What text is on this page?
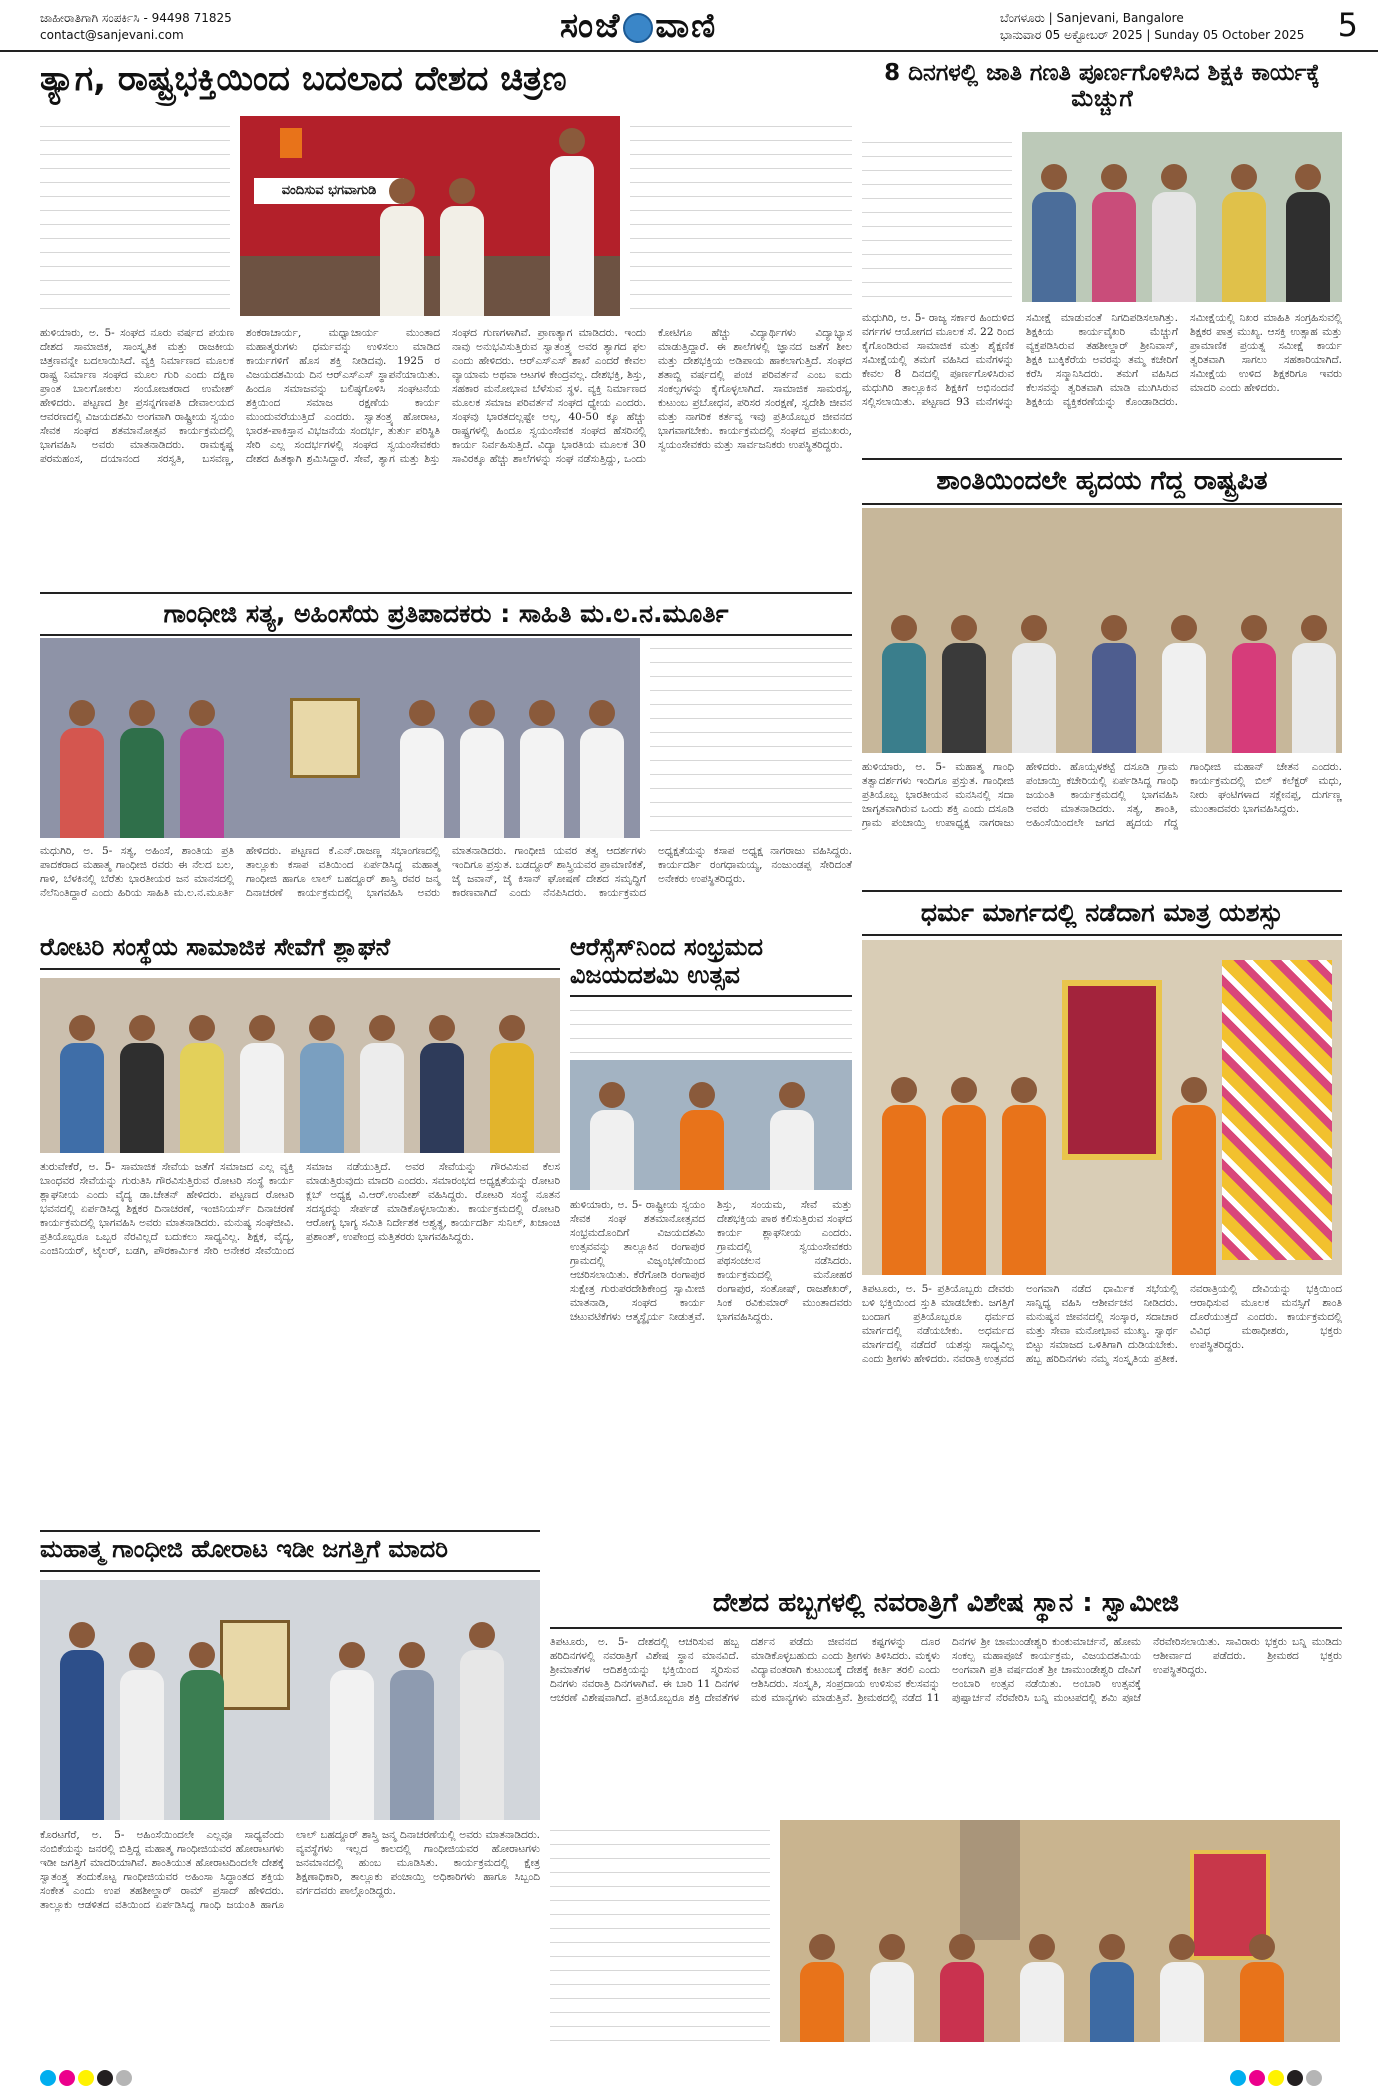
ಜಾಹೀರಾತಿಗಾಗಿ ಸಂಪರ್ಕಿಸಿ - 94498 71825
contact@sanjevani.com	ಸಂಜೆ ವಾಣಿ	ಬೆಂಗಳೂರು | Sanjevani, Bangalore
ಭಾನುವಾರ 05 ಅಕ್ಟೋಬರ್ 2025 | Sunday 05 October 2025 5
ತ್ಯಾಗ, ರಾಷ್ಟ್ರಭಕ್ತಿಯಿಂದ ಬದಲಾದ ದೇಶದ ಚಿತ್ರಣ
ವಂದಿಸುವ ಭಗವಾಗುಡಿ
ಹುಳಿಯಾರು, ಅ. 5- ಸಂಘದ ನೂರು ವರ್ಷದ ಪಯಣ ದೇಶದ ಸಾಮಾಜಿಕ, ಸಾಂಸ್ಕೃತಿಕ ಮತ್ತು ರಾಜಕೀಯ ಚಿತ್ರಣವನ್ನೇ ಬದಲಾಯಿಸಿದೆ. ವ್ಯಕ್ತಿ ನಿರ್ಮಾಣದ ಮೂಲಕ ರಾಷ್ಟ್ರ ನಿರ್ಮಾಣ ಸಂಘದ ಮೂಲ ಗುರಿ ಎಂದು ದಕ್ಷಿಣ ಪ್ರಾಂತ ಬಾಲಗೋಕುಲ ಸಂಯೋಜಕರಾದ ಉಮೇಶ್ ಹೇಳಿದರು. ಪಟ್ಟಣದ ಶ್ರೀ ಪ್ರಸನ್ನಗಣಪತಿ ದೇವಾಲಯದ ಆವರಣದಲ್ಲಿ ವಿಜಯದಶಮಿ ಅಂಗವಾಗಿ ರಾಷ್ಟ್ರೀಯ ಸ್ವಯಂ ಸೇವಕ ಸಂಘದ ಶತಮಾನೋತ್ಸವ ಕಾರ್ಯಕ್ರಮದಲ್ಲಿ ಭಾಗವಹಿಸಿ ಅವರು ಮಾತನಾಡಿದರು. ರಾಮಕೃಷ್ಣ ಪರಮಹಂಸ, ದಯಾನಂದ ಸರಸ್ವತಿ, ಬಸವಣ್ಣ, ಶಂಕರಾಚಾರ್ಯ, ಮಧ್ವಾಚಾರ್ಯ ಮುಂತಾದ ಮಹಾತ್ಮರುಗಳು ಧರ್ಮವನ್ನು ಉಳಿಸಲು ಮಾಡಿದ ಕಾರ್ಯಗಳಿಗೆ ಹೊಸ ಶಕ್ತಿ ನೀಡಿದವು. 1925 ರ ವಿಜಯದಶಮಿಯ ದಿನ ಆರ್‌ಎಸ್‌ಎಸ್ ಸ್ಥಾಪನೆಯಾಯಿತು. ಹಿಂದೂ ಸಮಾಜವನ್ನು ಬಲಿಷ್ಠಗೊಳಿಸಿ ಸಂಘಟನೆಯ ಶಕ್ತಿಯಿಂದ ಸಮಾಜ ರಕ್ಷಣೆಯ ಕಾರ್ಯ ಮುಂದುವರೆಯುತ್ತಿದೆ ಎಂದರು. ಸ್ವಾತಂತ್ರ್ಯ ಹೋರಾಟ, ಭಾರತ-ಪಾಕಿಸ್ತಾನ ವಿಭಜನೆಯ ಸಂದರ್ಭ, ತುರ್ತು ಪರಿಸ್ಥಿತಿ ಸೇರಿ ಎಲ್ಲ ಸಂದರ್ಭಗಳಲ್ಲಿ ಸಂಘದ ಸ್ವಯಂಸೇವಕರು ದೇಶದ ಹಿತಕ್ಕಾಗಿ ಶ್ರಮಿಸಿದ್ದಾರೆ. ಸೇವೆ, ತ್ಯಾಗ ಮತ್ತು ಶಿಸ್ತು ಸಂಘದ ಗುಣಗಳಾಗಿವೆ. ಪ್ರಾಣತ್ಯಾಗ ಮಾಡಿದರು. ಇಂದು ನಾವು ಅನುಭವಿಸುತ್ತಿರುವ ಸ್ವಾತಂತ್ರ್ಯ ಅವರ ತ್ಯಾಗದ ಫಲ ಎಂದು ಹೇಳಿದರು. ಆರ್‌ಎಸ್‌ಎಸ್ ಶಾಖೆ ಎಂದರೆ ಕೇವಲ ವ್ಯಾಯಾಮ ಅಥವಾ ಆಟಗಳ ಕೇಂದ್ರವಲ್ಲ. ದೇಶಭಕ್ತಿ, ಶಿಸ್ತು, ಸಹಕಾರ ಮನೋಭಾವ ಬೆಳೆಸುವ ಸ್ಥಳ. ವ್ಯಕ್ತಿ ನಿರ್ಮಾಣದ ಮೂಲಕ ಸಮಾಜ ಪರಿವರ್ತನೆ ಸಂಘದ ಧ್ಯೇಯ ಎಂದರು. ಸಂಘವು ಭಾರತದಲ್ಲಷ್ಟೇ ಅಲ್ಲ, 40-50 ಕ್ಕೂ ಹೆಚ್ಚು ರಾಷ್ಟ್ರಗಳಲ್ಲಿ ಹಿಂದೂ ಸ್ವಯಂಸೇವಕ ಸಂಘದ ಹೆಸರಿನಲ್ಲಿ ಕಾರ್ಯ ನಿರ್ವಹಿಸುತ್ತಿದೆ. ವಿದ್ಯಾ ಭಾರತಿಯ ಮೂಲಕ 30 ಸಾವಿರಕ್ಕೂ ಹೆಚ್ಚು ಶಾಲೆಗಳನ್ನು ಸಂಘ ನಡೆಸುತ್ತಿದ್ದು, ಒಂದು ಕೋಟಿಗೂ ಹೆಚ್ಚು ವಿದ್ಯಾರ್ಥಿಗಳು ವಿದ್ಯಾಭ್ಯಾಸ ಮಾಡುತ್ತಿದ್ದಾರೆ. ಈ ಶಾಲೆಗಳಲ್ಲಿ ಜ್ಞಾನದ ಜತೆಗೆ ಶೀಲ ಮತ್ತು ದೇಶಭಕ್ತಿಯ ಅಡಿಪಾಯ ಹಾಕಲಾಗುತ್ತಿದೆ. ಸಂಘದ ಶತಾಬ್ದಿ ವರ್ಷದಲ್ಲಿ ಪಂಚ ಪರಿವರ್ತನೆ ಎಂಬ ಐದು ಸಂಕಲ್ಪಗಳನ್ನು ಕೈಗೊಳ್ಳಲಾಗಿದೆ. ಸಾಮಾಜಿಕ ಸಾಮರಸ್ಯ, ಕುಟುಂಬ ಪ್ರಬೋಧನ, ಪರಿಸರ ಸಂರಕ್ಷಣೆ, ಸ್ವದೇಶಿ ಜೀವನ ಮತ್ತು ನಾಗರಿಕ ಕರ್ತವ್ಯ ಇವು ಪ್ರತಿಯೊಬ್ಬರ ಜೀವನದ ಭಾಗವಾಗಬೇಕು. ಕಾರ್ಯಕ್ರಮದಲ್ಲಿ ಸಂಘದ ಪ್ರಮುಖರು, ಸ್ವಯಂಸೇವಕರು ಮತ್ತು ಸಾರ್ವಜನಿಕರು ಉಪಸ್ಥಿತರಿದ್ದರು.
8 ದಿನಗಳಲ್ಲಿ ಜಾತಿ ಗಣತಿ ಪೂರ್ಣಗೊಳಿಸಿದ ಶಿಕ್ಷಕಿ ಕಾರ್ಯಕ್ಕೆ ಮೆಚ್ಚುಗೆ
ಮಧುಗಿರಿ, ಅ. 5- ರಾಜ್ಯ ಸರ್ಕಾರ ಹಿಂದುಳಿದ ವರ್ಗಗಳ ಆಯೋಗದ ಮೂಲಕ ಸೆ. 22 ರಿಂದ ಕೈಗೊಂಡಿರುವ ಸಾಮಾಜಿಕ ಮತ್ತು ಶೈಕ್ಷಣಿಕ ಸಮೀಕ್ಷೆಯಲ್ಲಿ ತಮಗೆ ವಹಿಸಿದ ಮನೆಗಳನ್ನು ಕೇವಲ 8 ದಿನದಲ್ಲಿ ಪೂರ್ಣಗೊಳಿಸಿರುವ ಮಧುಗಿರಿ ತಾಲ್ಲೂಕಿನ ಶಿಕ್ಷಕಿಗೆ ಅಭಿನಂದನೆ ಸಲ್ಲಿಸಲಾಯಿತು. ಪಟ್ಟಣದ 93 ಮನೆಗಳನ್ನು ಸಮೀಕ್ಷೆ ಮಾಡುವಂತೆ ನಿಗದಿಪಡಿಸಲಾಗಿತ್ತು. ಶಿಕ್ಷಕಿಯ ಕಾರ್ಯವೈಖರಿ ಮೆಚ್ಚುಗೆ ವ್ಯಕ್ತಪಡಿಸಿರುವ ತಹಶೀಲ್ದಾರ್ ಶ್ರೀನಿವಾಸ್, ಶಿಕ್ಷಕಿ ಬುಕ್ಕಿಕೆರೆಯ ಅವರನ್ನು ತಮ್ಮ ಕಚೇರಿಗೆ ಕರೆಸಿ ಸನ್ಮಾನಿಸಿದರು. ತಮಗೆ ವಹಿಸಿದ ಕೆಲಸವನ್ನು ತ್ವರಿತವಾಗಿ ಮಾಡಿ ಮುಗಿಸಿರುವ ಶಿಕ್ಷಕಿಯ ವ್ಯಕ್ತಿಕರಣೆಯನ್ನು ಕೊಂಡಾಡಿದರು. ಸಮೀಕ್ಷೆಯಲ್ಲಿ ನಿಖರ ಮಾಹಿತಿ ಸಂಗ್ರಹಿಸುವಲ್ಲಿ ಶಿಕ್ಷಕರ ಪಾತ್ರ ಮುಖ್ಯ. ಆಸಕ್ತಿ ಉತ್ಸಾಹ ಮತ್ತು ಪ್ರಾಮಾಣಿಕ ಪ್ರಯತ್ನ ಸಮೀಕ್ಷೆ ಕಾರ್ಯ ತ್ವರಿತವಾಗಿ ಸಾಗಲು ಸಹಕಾರಿಯಾಗಿದೆ. ಸಮೀಕ್ಷೆಯ ಉಳಿದ ಶಿಕ್ಷಕರಿಗೂ ಇವರು ಮಾದರಿ ಎಂದು ಹೇಳಿದರು.
ಶಾಂತಿಯಿಂದಲೇ ಹೃದಯ ಗೆದ್ದ ರಾಷ್ಟ್ರಪಿತ
ಹುಳಿಯಾರು, ಅ. 5- ಮಹಾತ್ಮ ಗಾಂಧಿ ತತ್ವಾದರ್ಶಗಳು ಇಂದಿಗೂ ಪ್ರಸ್ತುತ. ಗಾಂಧೀಜಿ ಪ್ರತಿಯೊಬ್ಬ ಭಾರತೀಯನ ಮನಸಿನಲ್ಲಿ ಸದಾ ಜಾಗೃತವಾಗಿರುವ ಒಂದು ಶಕ್ತಿ ಎಂದು ದಸೂಡಿ ಗ್ರಾಮ ಪಂಚಾಯ್ತಿ ಉಪಾಧ್ಯಕ್ಷ ನಾಗರಾಜು ಹೇಳಿದರು. ಹೊಯ್ಸಳಕಟ್ಟೆ ದಸೂಡಿ ಗ್ರಾಮ ಪಂಚಾಯ್ತಿ ಕಚೇರಿಯಲ್ಲಿ ಏರ್ಪಡಿಸಿದ್ದ ಗಾಂಧಿ ಜಯಂತಿ ಕಾರ್ಯಕ್ರಮದಲ್ಲಿ ಭಾಗವಹಿಸಿ ಅವರು ಮಾತನಾಡಿದರು. ಸತ್ಯ, ಶಾಂತಿ, ಅಹಿಂಸೆಯಿಂದಲೇ ಜಗದ ಹೃದಯ ಗೆದ್ದ ಗಾಂಧೀಜಿ ಮಹಾನ್ ಚೇತನ ಎಂದರು. ಕಾರ್ಯಕ್ರಮದಲ್ಲಿ ಬಿಲ್ ಕಲೆಕ್ಟರ್ ಮಧು, ನೀರು ಘಂಟಿಗಳಾದ ಸಕ್ಲೇನಪ್ಪ, ದುರ್ಗಣ್ಣ ಮುಂತಾದವರು ಭಾಗವಹಿಸಿದ್ದರು.
ಗಾಂಧೀಜಿ ಸತ್ಯ, ಅಹಿಂಸೆಯ ಪ್ರತಿಪಾದಕರು : ಸಾಹಿತಿ ಮ.ಲ.ನ.ಮೂರ್ತಿ
ಮಧುಗಿರಿ, ಅ. 5- ಸತ್ಯ, ಅಹಿಂಸೆ, ಶಾಂತಿಯ ಪ್ರತಿ ಪಾದಕರಾದ ಮಹಾತ್ಮ ಗಾಂಧೀಜಿ ರವರು ಈ ನೆಲದ ಬಲ, ಗಾಳಿ, ಬೆಳಕಿನಲ್ಲಿ ಬೆರೆತು ಭಾರತೀಯರ ಜನ ಮಾನಸದಲ್ಲಿ ನೆಲೆನಿಂತಿದ್ದಾರೆ ಎಂದು ಹಿರಿಯ ಸಾಹಿತಿ ಮ.ಲ.ನ.ಮೂರ್ತಿ ಹೇಳಿದರು. ಪಟ್ಟಣದ ಕೆ.ಎನ್.ರಾಜಣ್ಣ ಸಭಾಂಗಣದಲ್ಲಿ ತಾಲ್ಲೂಕು ಕಸಾಪ ವತಿಯಿಂದ ಏರ್ಪಡಿಸಿದ್ದ ಮಹಾತ್ಮ ಗಾಂಧೀಜಿ ಹಾಗೂ ಲಾಲ್ ಬಹದ್ದೂರ್ ಶಾಸ್ತ್ರಿ ರವರ ಜನ್ಮ ದಿನಾಚರಣೆ ಕಾರ್ಯಕ್ರಮದಲ್ಲಿ ಭಾಗವಹಿಸಿ ಅವರು ಮಾತನಾಡಿದರು. ಗಾಂಧೀಜಿ ಯವರ ತತ್ವ ಆದರ್ಶಗಳು ಇಂದಿಗೂ ಪ್ರಸ್ತುತ. ಬಡದ್ದೂರ್ ಶಾಸ್ತ್ರಿಯವರ ಪ್ರಾಮಾಣಿಕತೆ, ಜೈ ಜವಾನ್, ಜೈ ಕಿಸಾನ್ ಘೋಷಣೆ ದೇಶದ ಸಮೃದ್ಧಿಗೆ ಕಾರಣವಾಗಿದೆ ಎಂದು ನೆನಪಿಸಿದರು. ಕಾರ್ಯಕ್ರಮದ ಅಧ್ಯಕ್ಷತೆಯನ್ನು ಕಸಾಪ ಅಧ್ಯಕ್ಷ ನಾಗರಾಜು ವಹಿಸಿದ್ದರು. ಕಾರ್ಯದರ್ಶಿ ರಂಗಧಾಮಯ್ಯ, ನಂಜುಂಡಪ್ಪ ಸೇರಿದಂತೆ ಅನೇಕರು ಉಪಸ್ಥಿತರಿದ್ದರು.
ಧರ್ಮ ಮಾರ್ಗದಲ್ಲಿ ನಡೆದಾಗ ಮಾತ್ರ ಯಶಸ್ಸು
ತಿಪಟೂರು, ಅ. 5- ಪ್ರತಿಯೊಬ್ಬರು ದೇವರು ಬಳಿ ಭಕ್ತಿಯಿಂದ ಸ್ತುತಿ ಮಾಡಬೇಕು. ಜಗತ್ತಿಗೆ ಬಂದಾಗ ಪ್ರತಿಯೊಬ್ಬರೂ ಧರ್ಮದ ಮಾರ್ಗದಲ್ಲಿ ನಡೆಯಬೇಕು. ಅಧರ್ಮದ ಮಾರ್ಗದಲ್ಲಿ ನಡೆದರೆ ಯಶಸ್ಸು ಸಾಧ್ಯವಿಲ್ಲ ಎಂದು ಶ್ರೀಗಳು ಹೇಳಿದರು. ನವರಾತ್ರಿ ಉತ್ಸವದ ಅಂಗವಾಗಿ ನಡೆದ ಧಾರ್ಮಿಕ ಸಭೆಯಲ್ಲಿ ಸಾನ್ನಿಧ್ಯ ವಹಿಸಿ ಆಶೀರ್ವಚನ ನೀಡಿದರು. ಮನುಷ್ಯನ ಜೀವನದಲ್ಲಿ ಸಂಸ್ಕಾರ, ಸದಾಚಾರ ಮತ್ತು ಸೇವಾ ಮನೋಭಾವ ಮುಖ್ಯ. ಸ್ವಾರ್ಥ ಬಿಟ್ಟು ಸಮಾಜದ ಒಳಿತಿಗಾಗಿ ದುಡಿಯಬೇಕು. ಹಬ್ಬ ಹರಿದಿನಗಳು ನಮ್ಮ ಸಂಸ್ಕೃತಿಯ ಪ್ರತೀಕ. ನವರಾತ್ರಿಯಲ್ಲಿ ದೇವಿಯನ್ನು ಭಕ್ತಿಯಿಂದ ಆರಾಧಿಸುವ ಮೂಲಕ ಮನಸ್ಸಿಗೆ ಶಾಂತಿ ದೊರೆಯುತ್ತದೆ ಎಂದರು. ಕಾರ್ಯಕ್ರಮದಲ್ಲಿ ವಿವಿಧ ಮಠಾಧೀಶರು, ಭಕ್ತರು ಉಪಸ್ಥಿತರಿದ್ದರು.
ರೋಟರಿ ಸಂಸ್ಥೆಯ ಸಾಮಾಜಿಕ ಸೇವೆಗೆ ಶ್ಲಾಘನೆ
ತುರುವೇಕೆರೆ, ಅ. 5- ಸಾಮಾಜಿಕ ಸೇವೆಯ ಜತೆಗೆ ಸಮಾಜದ ಎಲ್ಲ ವ್ಯಕ್ತಿ ಬಾಂಧವರ ಸೇವೆಯನ್ನು ಗುರುತಿಸಿ ಗೌರವಿಸುತ್ತಿರುವ ರೋಟರಿ ಸಂಸ್ಥೆ ಕಾರ್ಯ ಶ್ಲಾಘನೀಯ ಎಂದು ವೈದ್ಯ ಡಾ.ಚೇತನ್ ಹೇಳಿದರು. ಪಟ್ಟಣದ ರೋಟರಿ ಭವನದಲ್ಲಿ ಏರ್ಪಡಿಸಿದ್ದ ಶಿಕ್ಷಕರ ದಿನಾಚರಣೆ, ಇಂಜಿನಿಯರ್ಸ್ ದಿನಾಚರಣೆ ಕಾರ್ಯಕ್ರಮದಲ್ಲಿ ಭಾಗವಹಿಸಿ ಅವರು ಮಾತನಾಡಿದರು. ಮನುಷ್ಯ ಸಂಘಜೀವಿ. ಪ್ರತಿಯೊಬ್ಬರೂ ಒಬ್ಬರ ನೆರವಿಲ್ಲದೆ ಬದುಕಲು ಸಾಧ್ಯವಿಲ್ಲ. ಶಿಕ್ಷಕ, ವೈದ್ಯ, ಎಂಜಿನಿಯರ್, ಟೈಲರ್, ಬಡಗಿ, ಪೌರಕಾರ್ಮಿಕ ಸೇರಿ ಅನೇಕರ ಸೇವೆಯಿಂದ ಸಮಾಜ ನಡೆಯುತ್ತಿದೆ. ಅವರ ಸೇವೆಯನ್ನು ಗೌರವಿಸುವ ಕೆಲಸ ಮಾಡುತ್ತಿರುವುದು ಮಾದರಿ ಎಂದರು. ಸಮಾರಂಭದ ಅಧ್ಯಕ್ಷತೆಯನ್ನು ರೋಟರಿ ಕ್ಲಬ್ ಅಧ್ಯಕ್ಷ ವಿ.ಆರ್.ಉಮೇಶ್ ವಹಿಸಿದ್ದರು. ರೋಟರಿ ಸಂಸ್ಥೆ ನೂತನ ಸದಸ್ಯರನ್ನು ಸೇರ್ಪಡೆ ಮಾಡಿಕೊಳ್ಳಲಾಯಿತು. ಕಾರ್ಯಕ್ರಮದಲ್ಲಿ ರೋಟರಿ ಆರೋಗ್ಯ ಭಾಗ್ಯ ಸಮಿತಿ ನಿರ್ದೇಶಕ ಅಶ್ವತ್ಥ, ಕಾರ್ಯದರ್ಶಿ ಸುನಿಲ್, ಖಜಾಂಚಿ ಪ್ರಶಾಂತ್, ಉಪೇಂದ್ರ ಮತ್ತಿತರರು ಭಾಗವಹಿಸಿದ್ದರು.
ಆರೆಸ್ಸೆಸ್‌ನಿಂದ ಸಂಭ್ರಮದ ವಿಜಯದಶಮಿ ಉತ್ಸವ
ಹುಳಿಯಾರು, ಅ. 5- ರಾಷ್ಟ್ರೀಯ ಸ್ವಯಂ ಸೇವಕ ಸಂಘ ಶತಮಾನೋತ್ಸವದ ಸಂಭ್ರಮದೊಂದಿಗೆ ವಿಜಯದಶಮಿ ಉತ್ಸವವನ್ನು ತಾಲ್ಲೂಕಿನ ರಂಗಾಪುರ ಗ್ರಾಮದಲ್ಲಿ ವಿಜೃಂಭಣೆಯಿಂದ ಆಚರಿಸಲಾಯಿತು. ಕೆರೆಗೋಡಿ ರಂಗಾಪುರ ಸುಕ್ಷೇತ್ರ ಗುರುಪರದೇಶಿಕೇಂದ್ರ ಸ್ವಾಮೀಜಿ ಮಾತನಾಡಿ, ಸಂಘದ ಕಾರ್ಯ ಚಟುವಟಿಕೆಗಳು ಆತ್ಮಸ್ಥೈರ್ಯ ನೀಡುತ್ತವೆ. ಶಿಸ್ತು, ಸಂಯಮ, ಸೇವೆ ಮತ್ತು ದೇಶಭಕ್ತಿಯ ಪಾಠ ಕಲಿಸುತ್ತಿರುವ ಸಂಘದ ಕಾರ್ಯ ಶ್ಲಾಘನೀಯ ಎಂದರು. ಗ್ರಾಮದಲ್ಲಿ ಸ್ವಯಂಸೇವಕರು ಪಥಸಂಚಲನ ನಡೆಸಿದರು. ಕಾರ್ಯಕ್ರಮದಲ್ಲಿ ಮನೋಹರ ರಂಗಾಪುರ, ಸಂತೋಷ್, ರಾಜಶೇಖರ್, ಸಿಂಕ ರವಿಕುಮಾರ್ ಮುಂತಾದವರು ಭಾಗವಹಿಸಿದ್ದರು.
ಮಹಾತ್ಮ ಗಾಂಧೀಜಿ ಹೋರಾಟ ಇಡೀ ಜಗತ್ತಿಗೆ ಮಾದರಿ
ಕೊರಟಗೆರೆ, ಅ. 5- ಅಹಿಂಸೆಯಿಂದಲೇ ಎಲ್ಲವೂ ಸಾಧ್ಯವೆಂದು ನಂಬಿಕೆಯನ್ನು ಜನರಲ್ಲಿ ಬಿತ್ತಿದ್ದ ಮಹಾತ್ಮ ಗಾಂಧೀಜಿಯವರ ಹೋರಾಟಗಳು ಇಡೀ ಜಗತ್ತಿಗೆ ಮಾದರಿಯಾಗಿವೆ. ಶಾಂತಿಯುತ ಹೋರಾಟದಿಂದಲೇ ದೇಶಕ್ಕೆ ಸ್ವಾತಂತ್ರ್ಯ ತಂದುಕೊಟ್ಟ ಗಾಂಧೀಜಿಯವರ ಅಹಿಂಸಾ ಸಿದ್ಧಾಂತದ ಶಕ್ತಿಯ ಸಂಕೇತ ಎಂದು ಉಪ ತಹಶೀಲ್ದಾರ್ ರಾಮ್ ಪ್ರಸಾದ್ ಹೇಳಿದರು. ತಾಲ್ಲೂಕು ಆಡಳಿತದ ವತಿಯಿಂದ ಏರ್ಪಡಿಸಿದ್ದ ಗಾಂಧಿ ಜಯಂತಿ ಹಾಗೂ ಲಾಲ್ ಬಹದ್ದೂರ್ ಶಾಸ್ತ್ರಿ ಜನ್ಮ ದಿನಾಚರಣೆಯಲ್ಲಿ ಅವರು ಮಾತನಾಡಿದರು. ವ್ಯವಸ್ಥೆಗಳು ಇಲ್ಲದ ಕಾಲದಲ್ಲಿ ಗಾಂಧೀಜಿಯವರ ಹೋರಾಟಗಳು ಜನಮಾನದಲ್ಲಿ ಹುಂಬ ಮೂಡಿಸಿತು. ಕಾರ್ಯಕ್ರಮದಲ್ಲಿ ಕ್ಷೇತ್ರ ಶಿಕ್ಷಣಾಧಿಕಾರಿ, ತಾಲ್ಲೂಕು ಪಂಚಾಯ್ತಿ ಅಧಿಕಾರಿಗಳು ಹಾಗೂ ಸಿಬ್ಬಂದಿ ವರ್ಗದವರು ಪಾಲ್ಗೊಂಡಿದ್ದರು.
ದೇಶದ ಹಬ್ಬಗಳಲ್ಲಿ ನವರಾತ್ರಿಗೆ ವಿಶೇಷ ಸ್ಥಾನ : ಸ್ವಾಮೀಜಿ
ತಿಪಟೂರು, ಅ. 5- ದೇಶದಲ್ಲಿ ಆಚರಿಸುವ ಹಬ್ಬ ಹರಿದಿನಗಳಲ್ಲಿ ನವರಾತ್ರಿಗೆ ವಿಶೇಷ ಸ್ಥಾನ ಮಾನವಿದೆ. ಶ್ರೀಮಾತೆಗಳ ಆದಿಶಕ್ತಿಯನ್ನು ಭಕ್ತಿಯಿಂದ ಸ್ಮರಿಸುವ ದಿನಗಳು ನವರಾತ್ರಿ ದಿನಗಳಾಗಿವೆ. ಈ ಬಾರಿ 11 ದಿನಗಳ ಆಚರಣೆ ವಿಶೇಷವಾಗಿದೆ. ಪ್ರತಿಯೊಬ್ಬರೂ ಶಕ್ತಿ ದೇವತೆಗಳ ದರ್ಶನ ಪಡೆದು ಜೀವನದ ಕಷ್ಟಗಳನ್ನು ದೂರ ಮಾಡಿಕೊಳ್ಳಬಹುದು ಎಂದು ಶ್ರೀಗಳು ತಿಳಿಸಿದರು. ಮಕ್ಕಳು ವಿದ್ಯಾವಂತರಾಗಿ ಕುಟುಂಬಕ್ಕೆ ದೇಶಕ್ಕೆ ಕೀರ್ತಿ ತರಲಿ ಎಂದು ಆಶಿಸಿದರು. ಸಂಸ್ಕೃತಿ, ಸಂಪ್ರದಾಯ ಉಳಿಸುವ ಕೆಲಸವನ್ನು ಮಠ ಮಾನ್ಯಗಳು ಮಾಡುತ್ತಿವೆ. ಶ್ರೀಮಠದಲ್ಲಿ ನಡೆದ 11 ದಿನಗಳ ಶ್ರೀ ಚಾಮುಂಡೇಶ್ವರಿ ಕುಂಕುಮಾರ್ಚನೆ, ಹೋಮ ಸಂಕಲ್ಪ ಮಹಾಪೂಜೆ ಕಾರ್ಯಕ್ರಮ, ವಿಜಯದಶಮಿಯ ಅಂಗವಾಗಿ ಪ್ರತಿ ವರ್ಷದಂತೆ ಶ್ರೀ ಚಾಮುಂಡೇಶ್ವರಿ ದೇವಿಗೆ ಅಂಬಾರಿ ಉತ್ಸವ ನಡೆಯಿತು. ಅಂಬಾರಿ ಉತ್ಸವಕ್ಕೆ ಪುಷ್ಪಾರ್ಚನೆ ನೆರವೇರಿಸಿ ಬನ್ನಿ ಮಂಟಪದಲ್ಲಿ ಶಮಿ ಪೂಜೆ ನೆರವೇರಿಸಲಾಯಿತು. ಸಾವಿರಾರು ಭಕ್ತರು ಬನ್ನಿ ಮುಡಿದು ಆಶೀರ್ವಾದ ಪಡೆದರು. ಶ್ರೀಮಠದ ಭಕ್ತರು ಉಪಸ್ಥಿತರಿದ್ದರು.
